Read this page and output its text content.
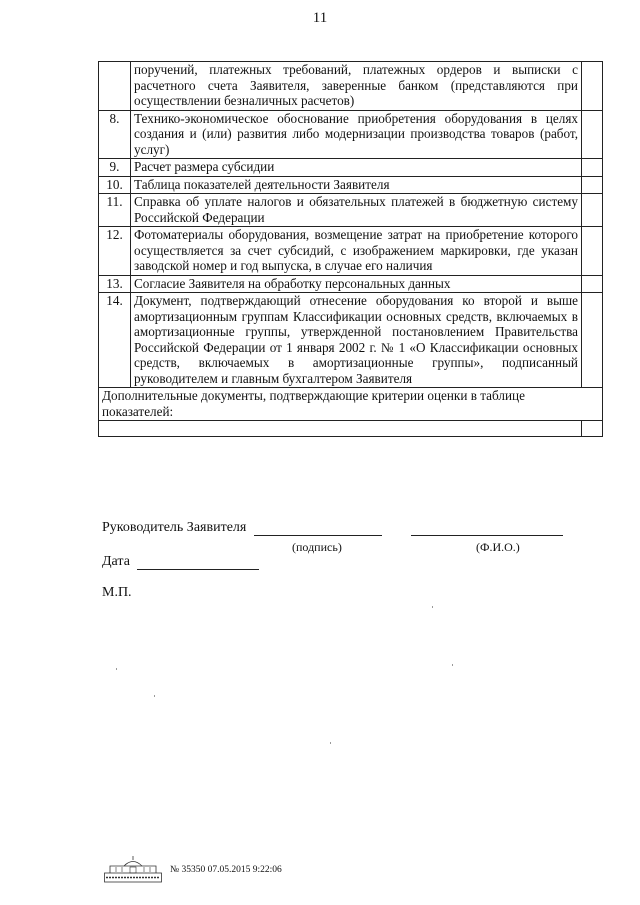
11
	поручений, платежных требований, платежных ордеров и выписки с расчетного счета Заявителя, заверенные банком (представляются при осуществлении безналичных расчетов)	
8.	Технико-экономическое обоснование приобретения оборудования в целях создания и (или) развития либо модернизации производства товаров (работ, услуг)	
9.	Расчет размера субсидии	
10.	Таблица показателей деятельности Заявителя	
11.	Справка об уплате налогов и обязательных платежей в бюджетную систему Российской Федерации	
12.	Фотоматериалы оборудования, возмещение затрат на приобретение которого осуществляется за счет субсидий, с изображением маркировки, где указан заводской номер и год выпуска, в случае его наличия	
13.	Согласие Заявителя на обработку персональных данных	
14.	Документ, подтверждающий отнесение оборудования ко второй и выше амортизационным группам Классификации основных средств, включаемых в амортизационные группы, утвержденной постановлением Правительства Российской Федерации от 1 января 2002 г. № 1 «О Классификации основных средств, включаемых в амортизационные группы», подписанный руководителем и главным бухгалтером Заявителя	
Дополнительные документы, подтверждающие критерии оценки в таблице показателей:		

Руководитель Заявителя
(подпись)	(Ф.И.О.)
Дата
М.П.
№ 35350 07.05.2015 9:22:06
